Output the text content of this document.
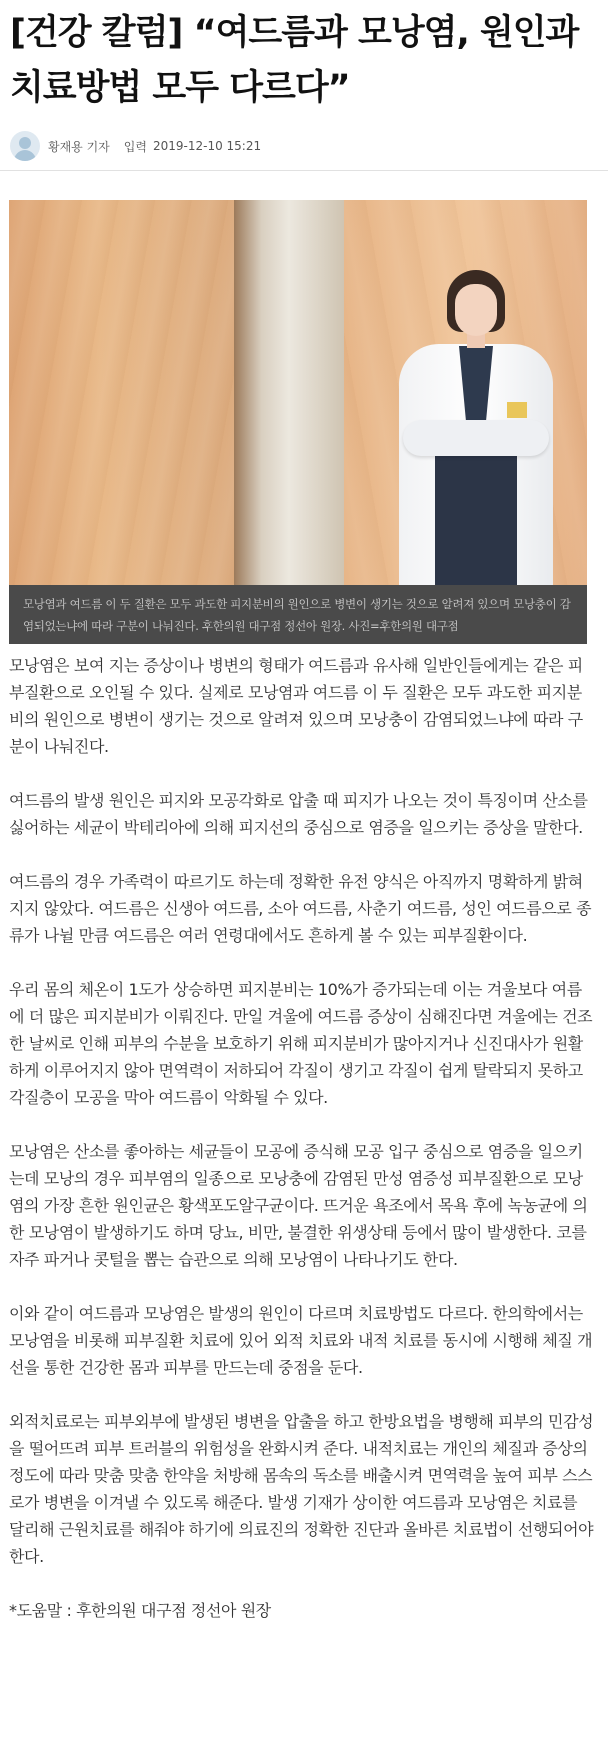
[건강 칼럼] “여드름과 모낭염, 원인과 치료방법 모두 다르다”
황재용 기자 입력 2019-12-10 15:21
모낭염과 여드름 이 두 질환은 모두 과도한 피지분비의 원인으로 병변이 생기는 것으로 알려져 있으며 모낭충이 감염되었는냐에 따라 구분이 나눠진다. 후한의원 대구점 정선아 원장. 사진=후한의원 대구점

모낭염은 보여 지는 증상이나 병변의 형태가 여드름과 유사해 일반인들에게는 같은 피부질환으로 오인될 수 있다. 실제로 모낭염과 여드름 이 두 질환은 모두 과도한 피지분비의 원인으로 병변이 생기는 것으로 알려져 있으며 모낭충이 감염되었느냐에 따라 구분이 나눠진다.

여드름의 발생 원인은 피지와 모공각화로 압출 때 피지가 나오는 것이 특징이며 산소를 싫어하는 세균이 박테리아에 의해 피지선의 중심으로 염증을 일으키는 증상을 말한다.

여드름의 경우 가족력이 따르기도 하는데 정확한 유전 양식은 아직까지 명확하게 밝혀지지 않았다. 여드름은 신생아 여드름, 소아 여드름, 사춘기 여드름, 성인 여드름으로 종류가 나뉠 만큼 여드름은 여러 연령대에서도 흔하게 볼 수 있는 피부질환이다.

우리 몸의 체온이 1도가 상승하면 피지분비는 10%가 증가되는데 이는 겨울보다 여름에 더 많은 피지분비가 이뤄진다. 만일 겨울에 여드름 증상이 심해진다면 겨울에는 건조한 날씨로 인해 피부의 수분을 보호하기 위해 피지분비가 많아지거나 신진대사가 원활하게 이루어지지 않아 면역력이 저하되어 각질이 생기고 각질이 쉽게 탈락되지 못하고 각질층이 모공을 막아 여드름이 악화될 수 있다.

모낭염은 산소를 좋아하는 세균들이 모공에 증식해 모공 입구 중심으로 염증을 일으키는데 모낭의 경우 피부염의 일종으로 모낭충에 감염된 만성 염증성 피부질환으로 모낭염의 가장 흔한 원인균은 황색포도알구균이다. 뜨거운 욕조에서 목욕 후에 녹농균에 의한 모낭염이 발생하기도 하며 당뇨, 비만, 불결한 위생상태 등에서 많이 발생한다. 코를 자주 파거나 콧털을 뽑는 습관으로 의해 모낭염이 나타나기도 한다.

이와 같이 여드름과 모낭염은 발생의 원인이 다르며 치료방법도 다르다. 한의학에서는 모낭염을 비롯해 피부질환 치료에 있어 외적 치료와 내적 치료를 동시에 시행해 체질 개선을 통한 건강한 몸과 피부를 만드는데 중점을 둔다.

외적치료로는 피부외부에 발생된 병변을 압출을 하고 한방요법을 병행해 피부의 민감성을 떨어뜨려 피부 트러블의 위험성을 완화시켜 준다. 내적치료는 개인의 체질과 증상의 정도에 따라 맞춤 맞춤 한약을 처방해 몸속의 독소를 배출시켜 면역력을 높여 피부 스스로가 병변을 이겨낼 수 있도록 해준다. 발생 기재가 상이한 여드름과 모낭염은 치료를 달리해 근원치료를 해줘야 하기에 의료진의 정확한 진단과 올바른 치료법이 선행되어야 한다.

*도움말 : 후한의원 대구점 정선아 원장
